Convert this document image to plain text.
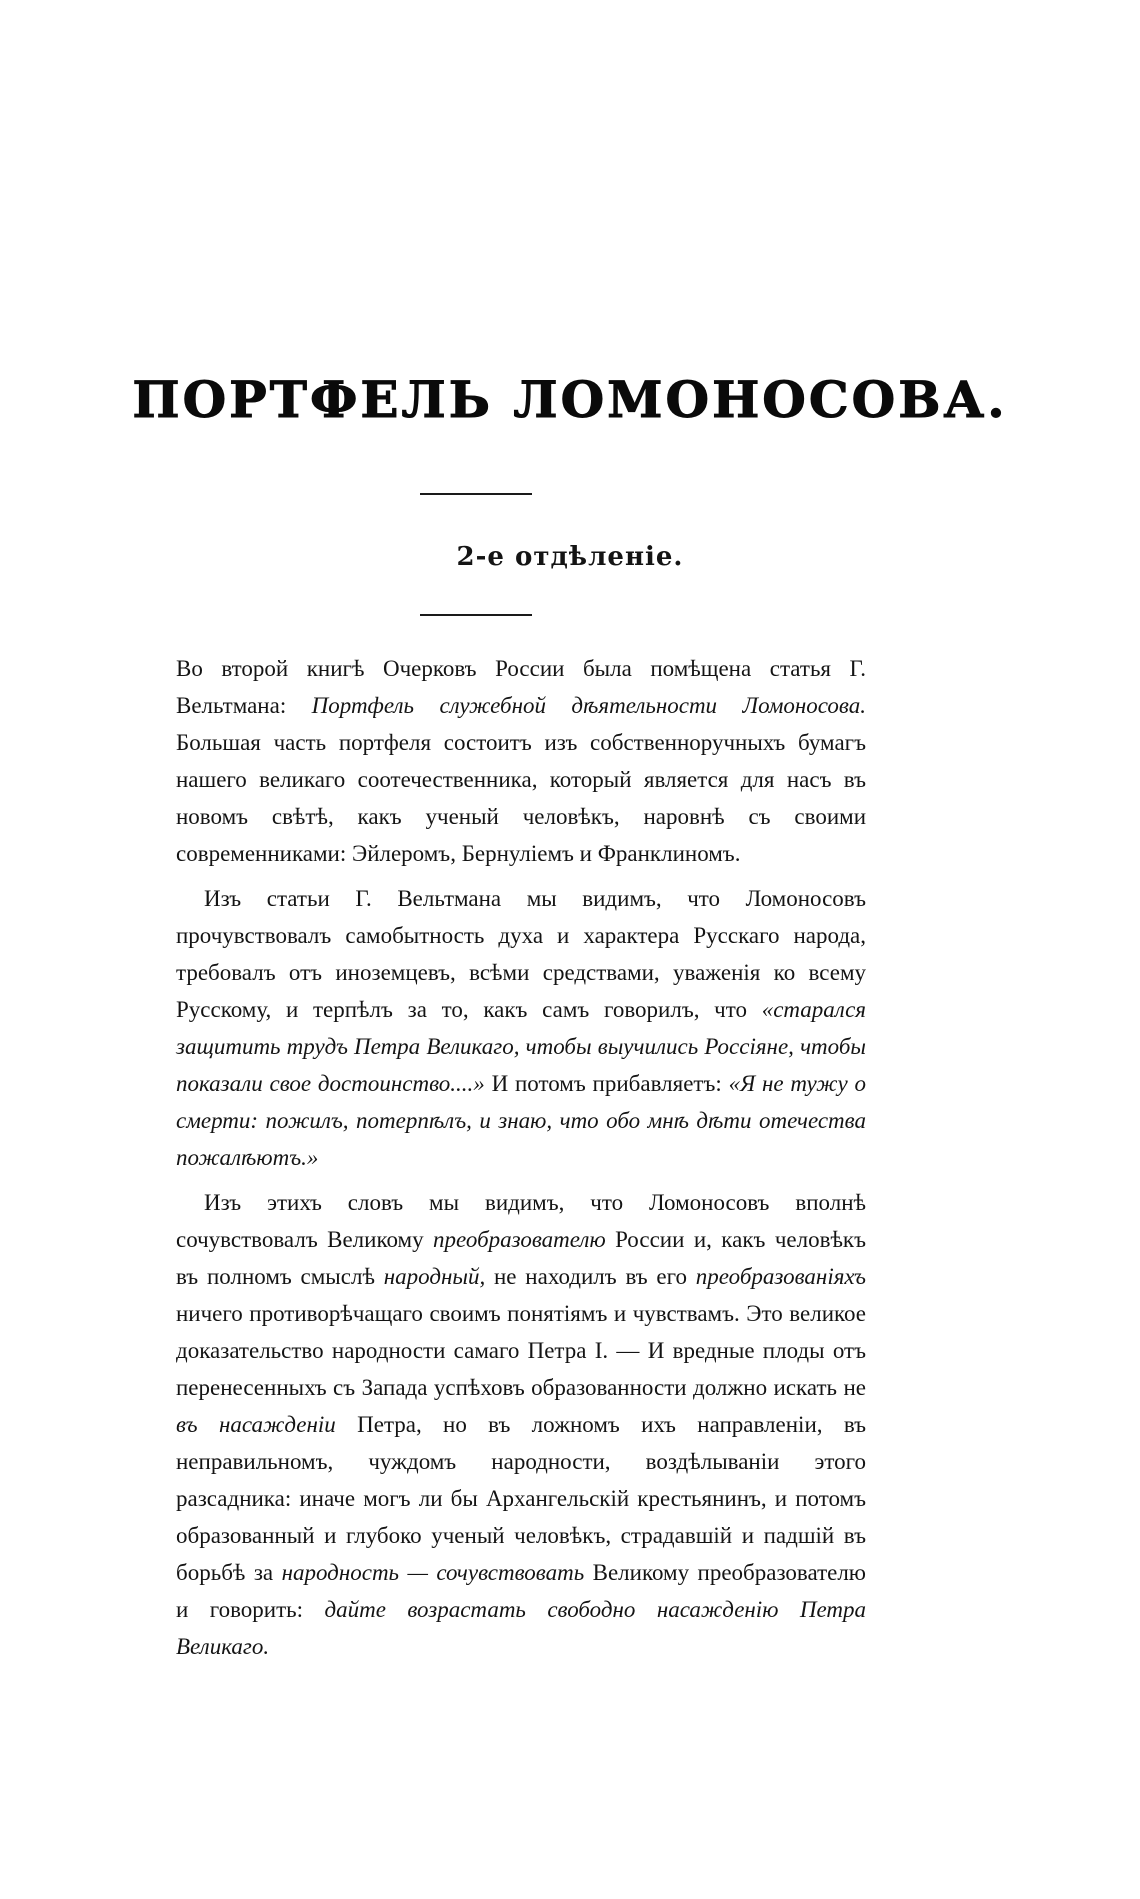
ПОРТФЕЛЬ ЛОМОНОСОВА.
2-е отдѣленіе.

Во второй книгѣ Очерковъ России была помѣщена статья Г. Вельтмана: Портфель служебной дѣятельности Ломоносова. Большая часть портфеля состоитъ изъ собственноручныхъ бумагъ нашего великаго соотечественника, который является для насъ въ новомъ свѣтѣ, какъ ученый человѣкъ, наровнѣ съ своими современниками: Эйлеромъ, Бернулiемъ и Франклиномъ.

Изъ статьи Г. Вельтмана мы видимъ, что Ломоносовъ прочувствовалъ самобытность духа и характера Русскаго народа, требовалъ отъ иноземцевъ, всѣми средствами, уваженія ко всему Русскому, и терпѣлъ за то, какъ самъ говорилъ, что «старался защитить трудъ Петра Великаго, чтобы выучились Россiяне, чтобы показали свое достоинство....» И потомъ прибавляетъ: «Я не тужу о смерти: пожилъ, потерпѣлъ, и знаю, что обо мнѣ дѣти отечества пожалѣютъ.»

Изъ этихъ словъ мы видимъ, что Ломоносовъ вполнѣ сочувствовалъ Великому преобразователю России и, какъ человѣкъ въ полномъ смыслѣ народный, не находилъ въ его преобразованiяхъ ничего противорѣчащаго своимъ понятiямъ и чувствамъ. Это великое доказательство народности самаго Петра I. — И вредные плоды отъ перенесенныхъ съ Запада успѣховъ образованности должно искать не въ насажденiи Петра, но въ ложномъ ихъ направленiи, въ неправильномъ, чуждомъ народности, воздѣлываніи этого разсадника: иначе могъ ли бы Архангельскій крестьянинъ, и потомъ образованный и глубоко ученый человѣкъ, страдавшій и падшій въ борьбѣ за народность — сочувствовать Великому преобразователю и говорить: дайте возрастать свободно насажденiю Петра Великаго.
